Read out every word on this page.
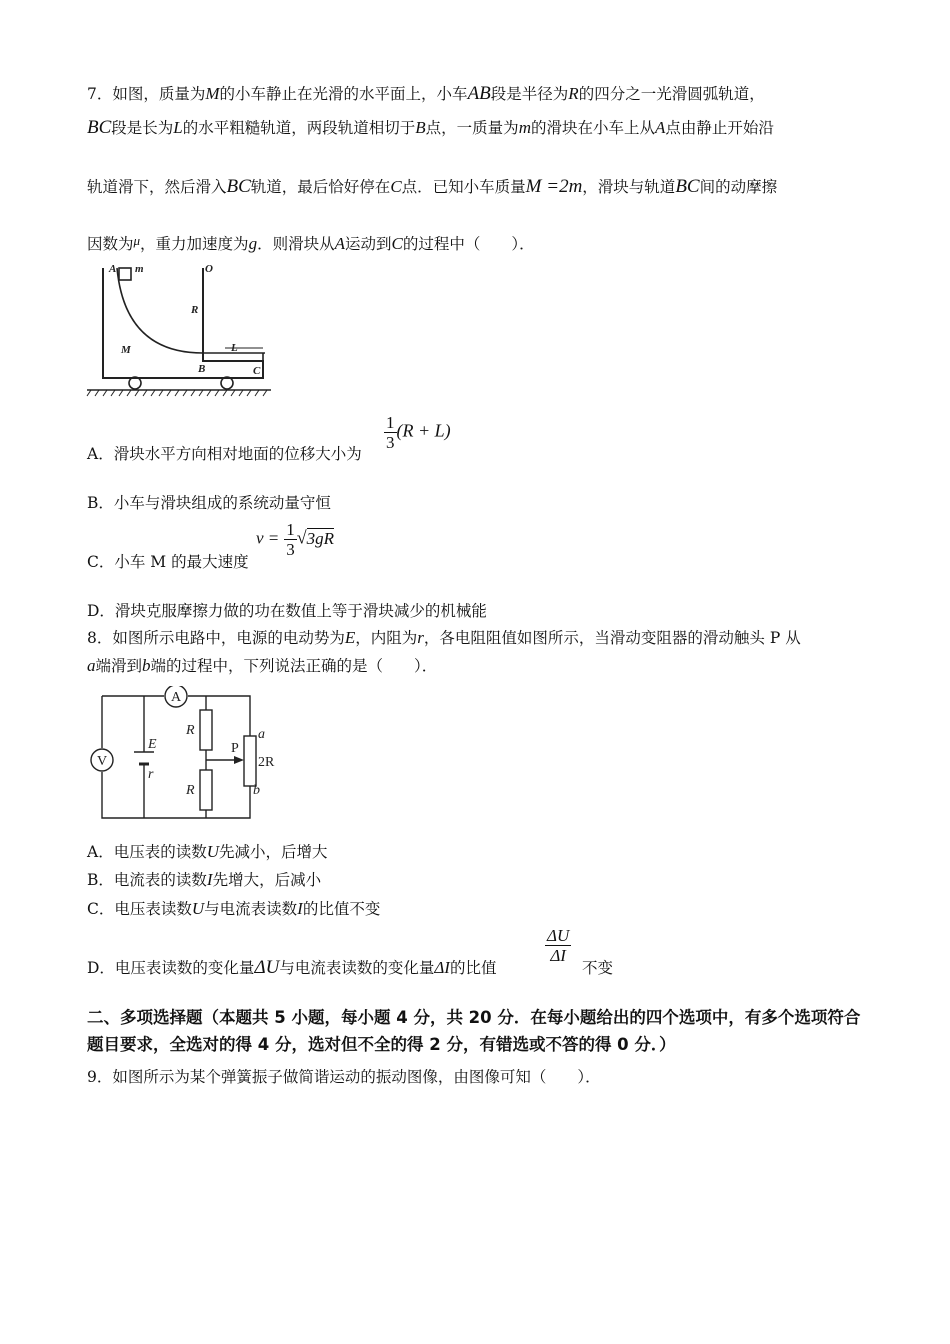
7．如图，质量为M的小车静止在光滑的水平面上，小车AB段是半径为R的四分之一光滑圆弧轨道，
BC段是长为L的水平粗糙轨道，两段轨道相切于B点，一质量为m的滑块在小车上从A点由静止开始沿
轨道滑下，然后滑入BC轨道，最后恰好停在C点．已知小车质量M =2m，滑块与轨道BC间的动摩擦
因数为$^\mu$，重力加速度为g．则滑块从A运动到C的过程中（　　）．
A m	O
R
M	L
B	C
A．滑块水平方向相对地面的位移大小为
$\frac{1}{3} (R + L)$
B．小车与滑块组成的系统动量守恒
C．小车 M 的最大速度
$v = \frac{1}{3} √3gR$
D．滑块克服摩擦力做的功在数值上等于滑块减少的机械能
8．如图所示电路中，电源的电动势为E，内阻为r，各电阻阻值如图所示，当滑动变阻器的滑动触头 P 从
a端滑到b端的过程中，下列说法正确的是（　　）．
A
V
E
r
R
R
P
a
2R
b
A．电压表的读数U先减小，后增大
B．电流表的读数I先增大，后减小
C．电压表读数U与电流表读数I的比值不变
D．电压表读数的变化量ΔU与电流表读数的变化量ΔI的比值
$\frac{\Delta U}{\Delta I}$
不变
二、多项选择题（本题共 5 小题，每小题 4 分，共 20 分．在每小题给出的四个选项中，有多个选项符合题目要求，全选对的得 4 分，选对但不全的得 2 分，有错选或不答的得 0 分．）
9．如图所示为某个弹簧振子做简谐运动的振动图像，由图像可知（　　）．
